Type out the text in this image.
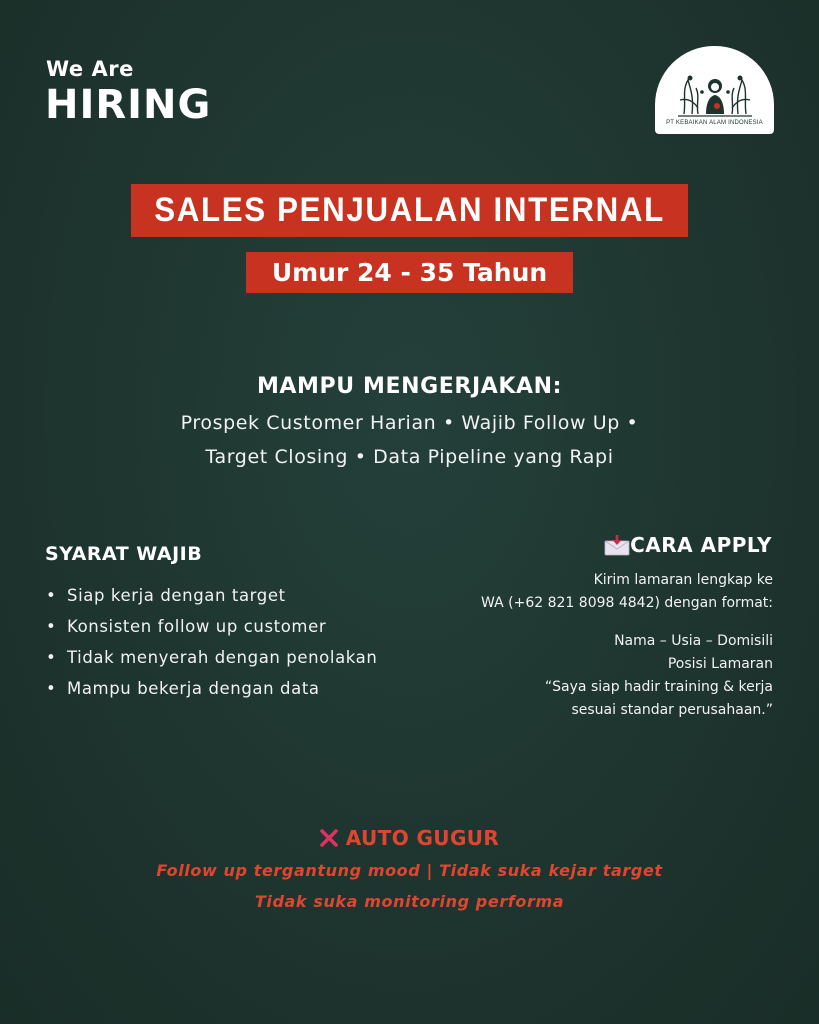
We Are
HIRING	PT KEBAIKAN ALAM INDONESIA
SALES PENJUALAN INTERNAL
Umur 24 - 35 Tahun
MAMPU MENGERJAKAN:
Prospek Customer Harian • Wajib Follow Up •
Target Closing • Data Pipeline yang Rapi
SYARAT WAJIB
• Siap kerja dengan target
• Konsisten follow up customer
• Tidak menyerah dengan penolakan
• Mampu bekerja dengan data
CARA APPLY
Kirim lamaran lengkap ke
WA (+62 821 8098 4842) dengan format:
Nama – Usia – Domisili
Posisi Lamaran
“Saya siap hadir training & kerja
sesuai standar perusahaan.”
AUTO GUGUR
Follow up tergantung mood | Tidak suka kejar target
Tidak suka monitoring performa
